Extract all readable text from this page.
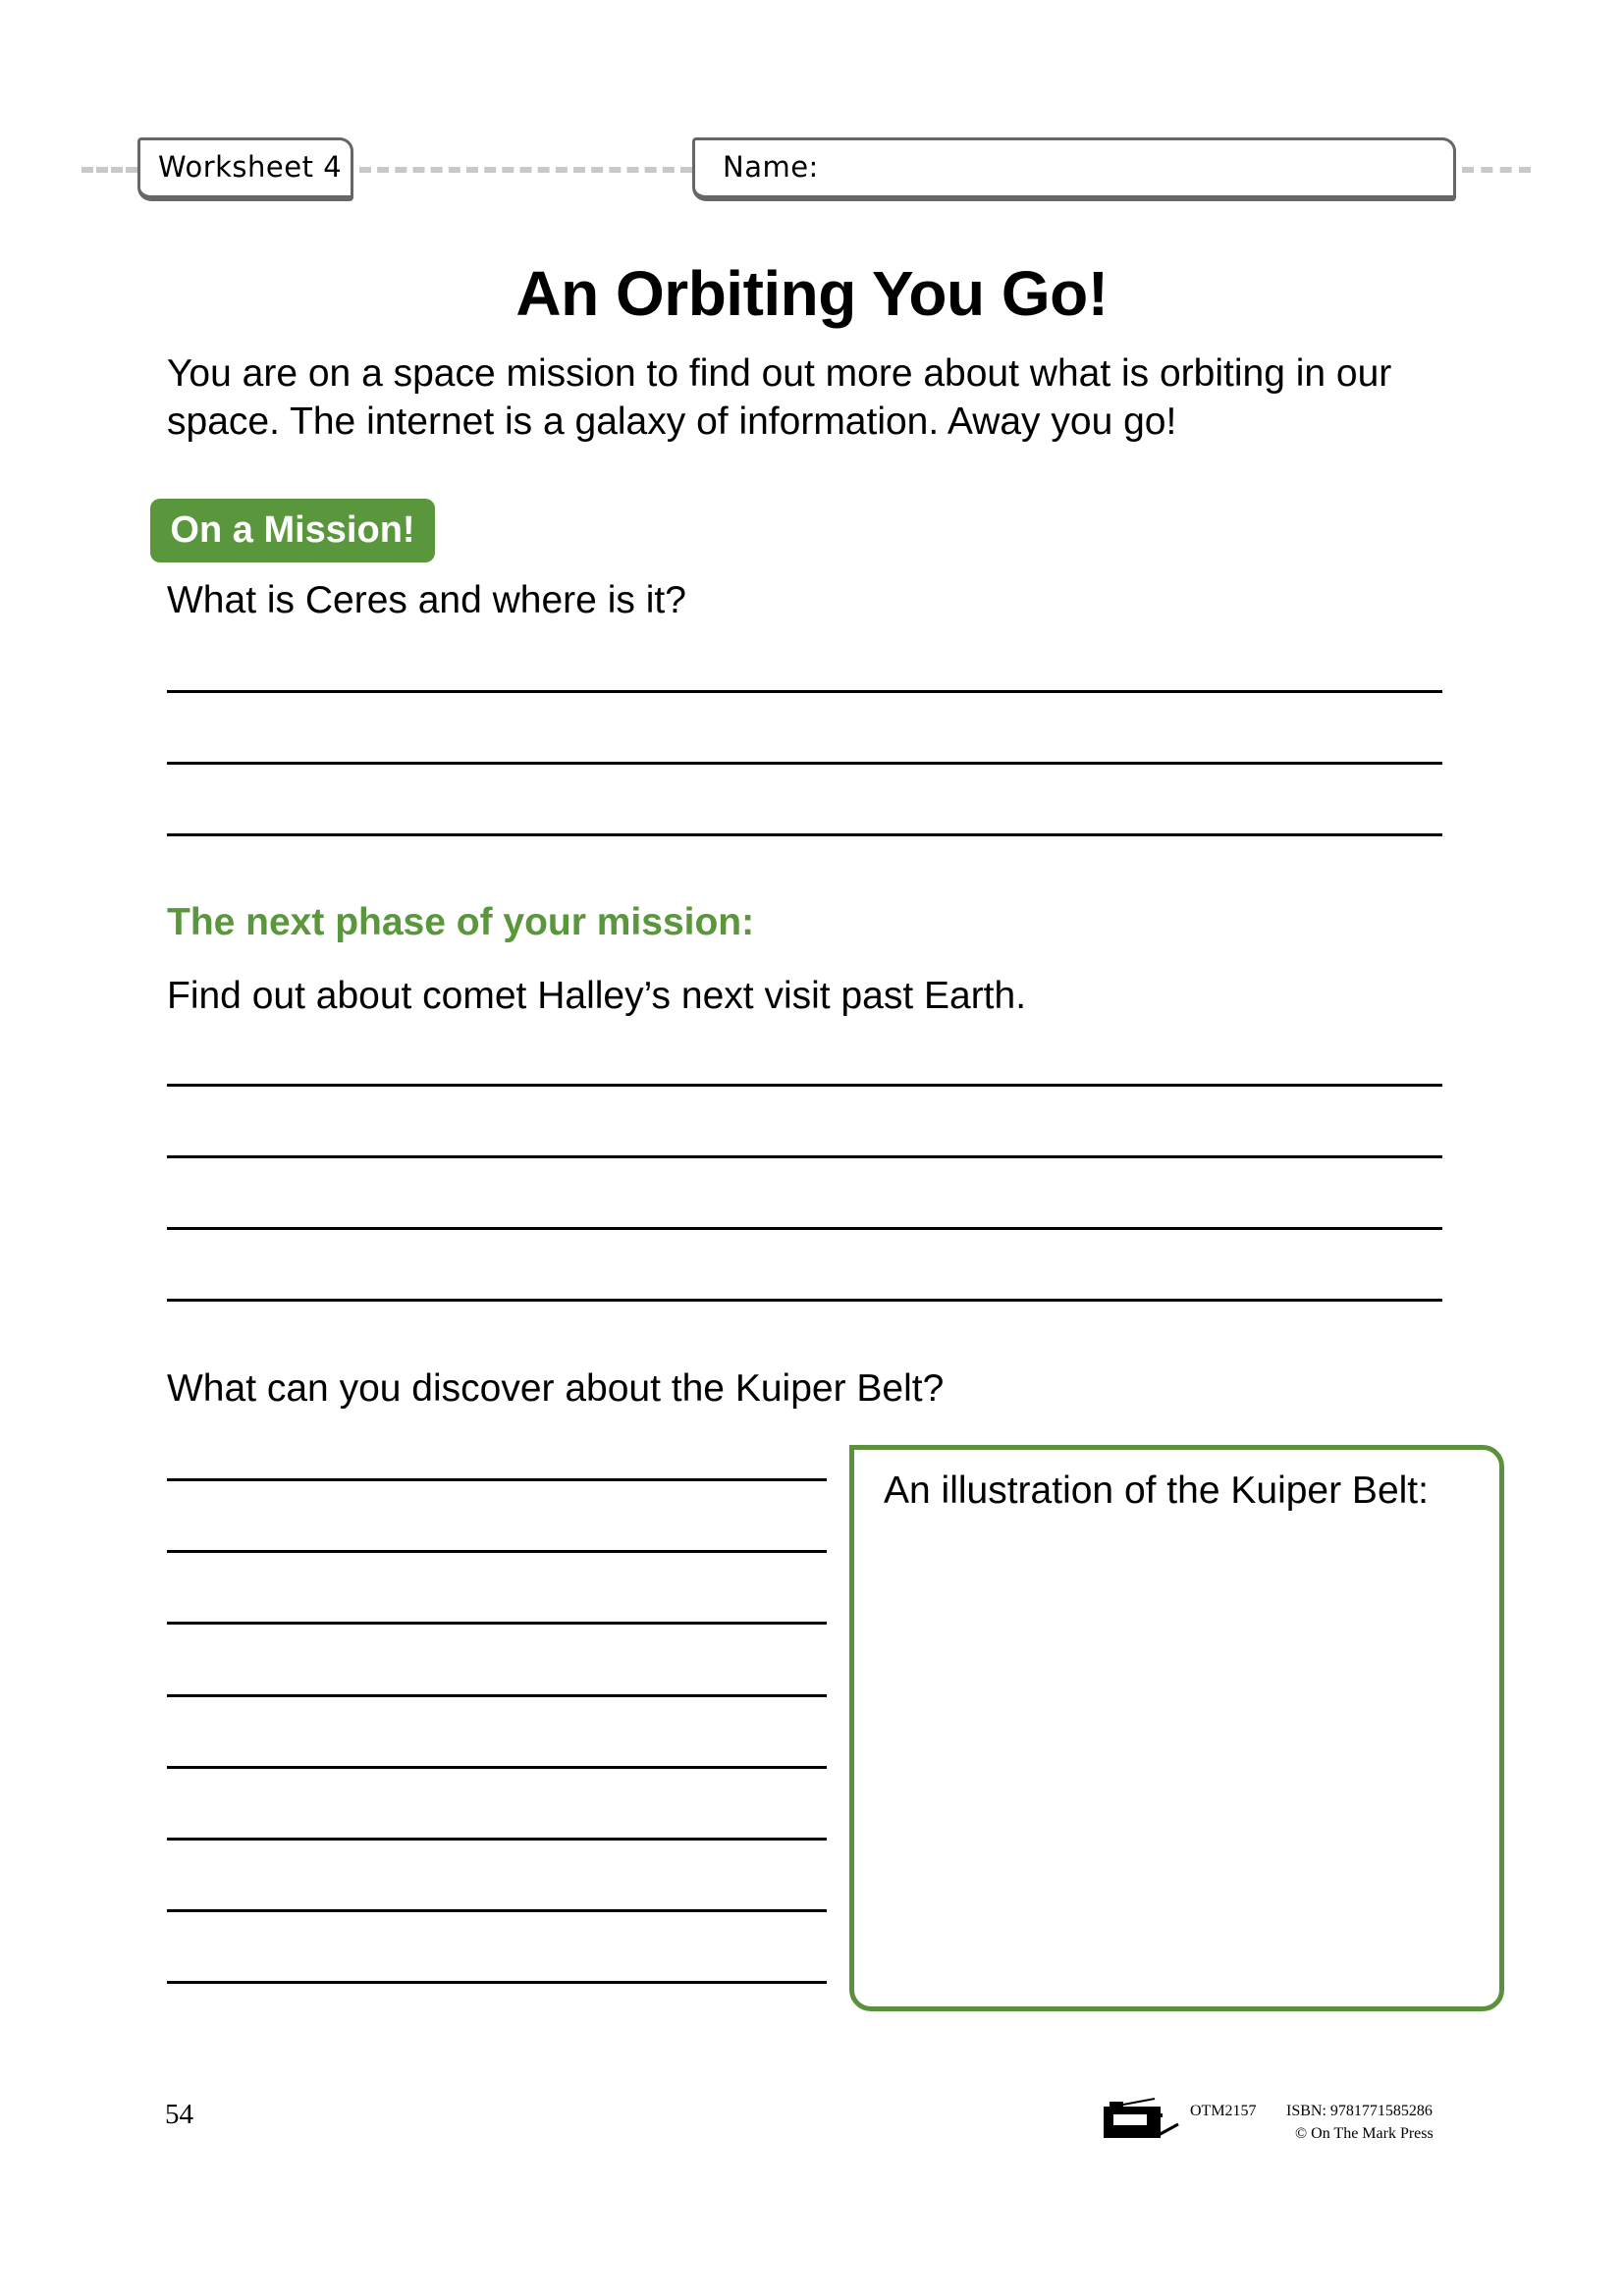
Worksheet 4	Name:
An Orbiting You Go!
You are on a space mission to find out more about what is orbiting in our space. The internet is a galaxy of information. Away you go!
On a Mission!
What is Ceres and where is it?
The next phase of your mission:
Find out about comet Halley’s next visit past Earth.
What can you discover about the Kuiper Belt?
An illustration of the Kuiper Belt:
54	OTM2157 ISBN: 9781771585286
© On The Mark Press
